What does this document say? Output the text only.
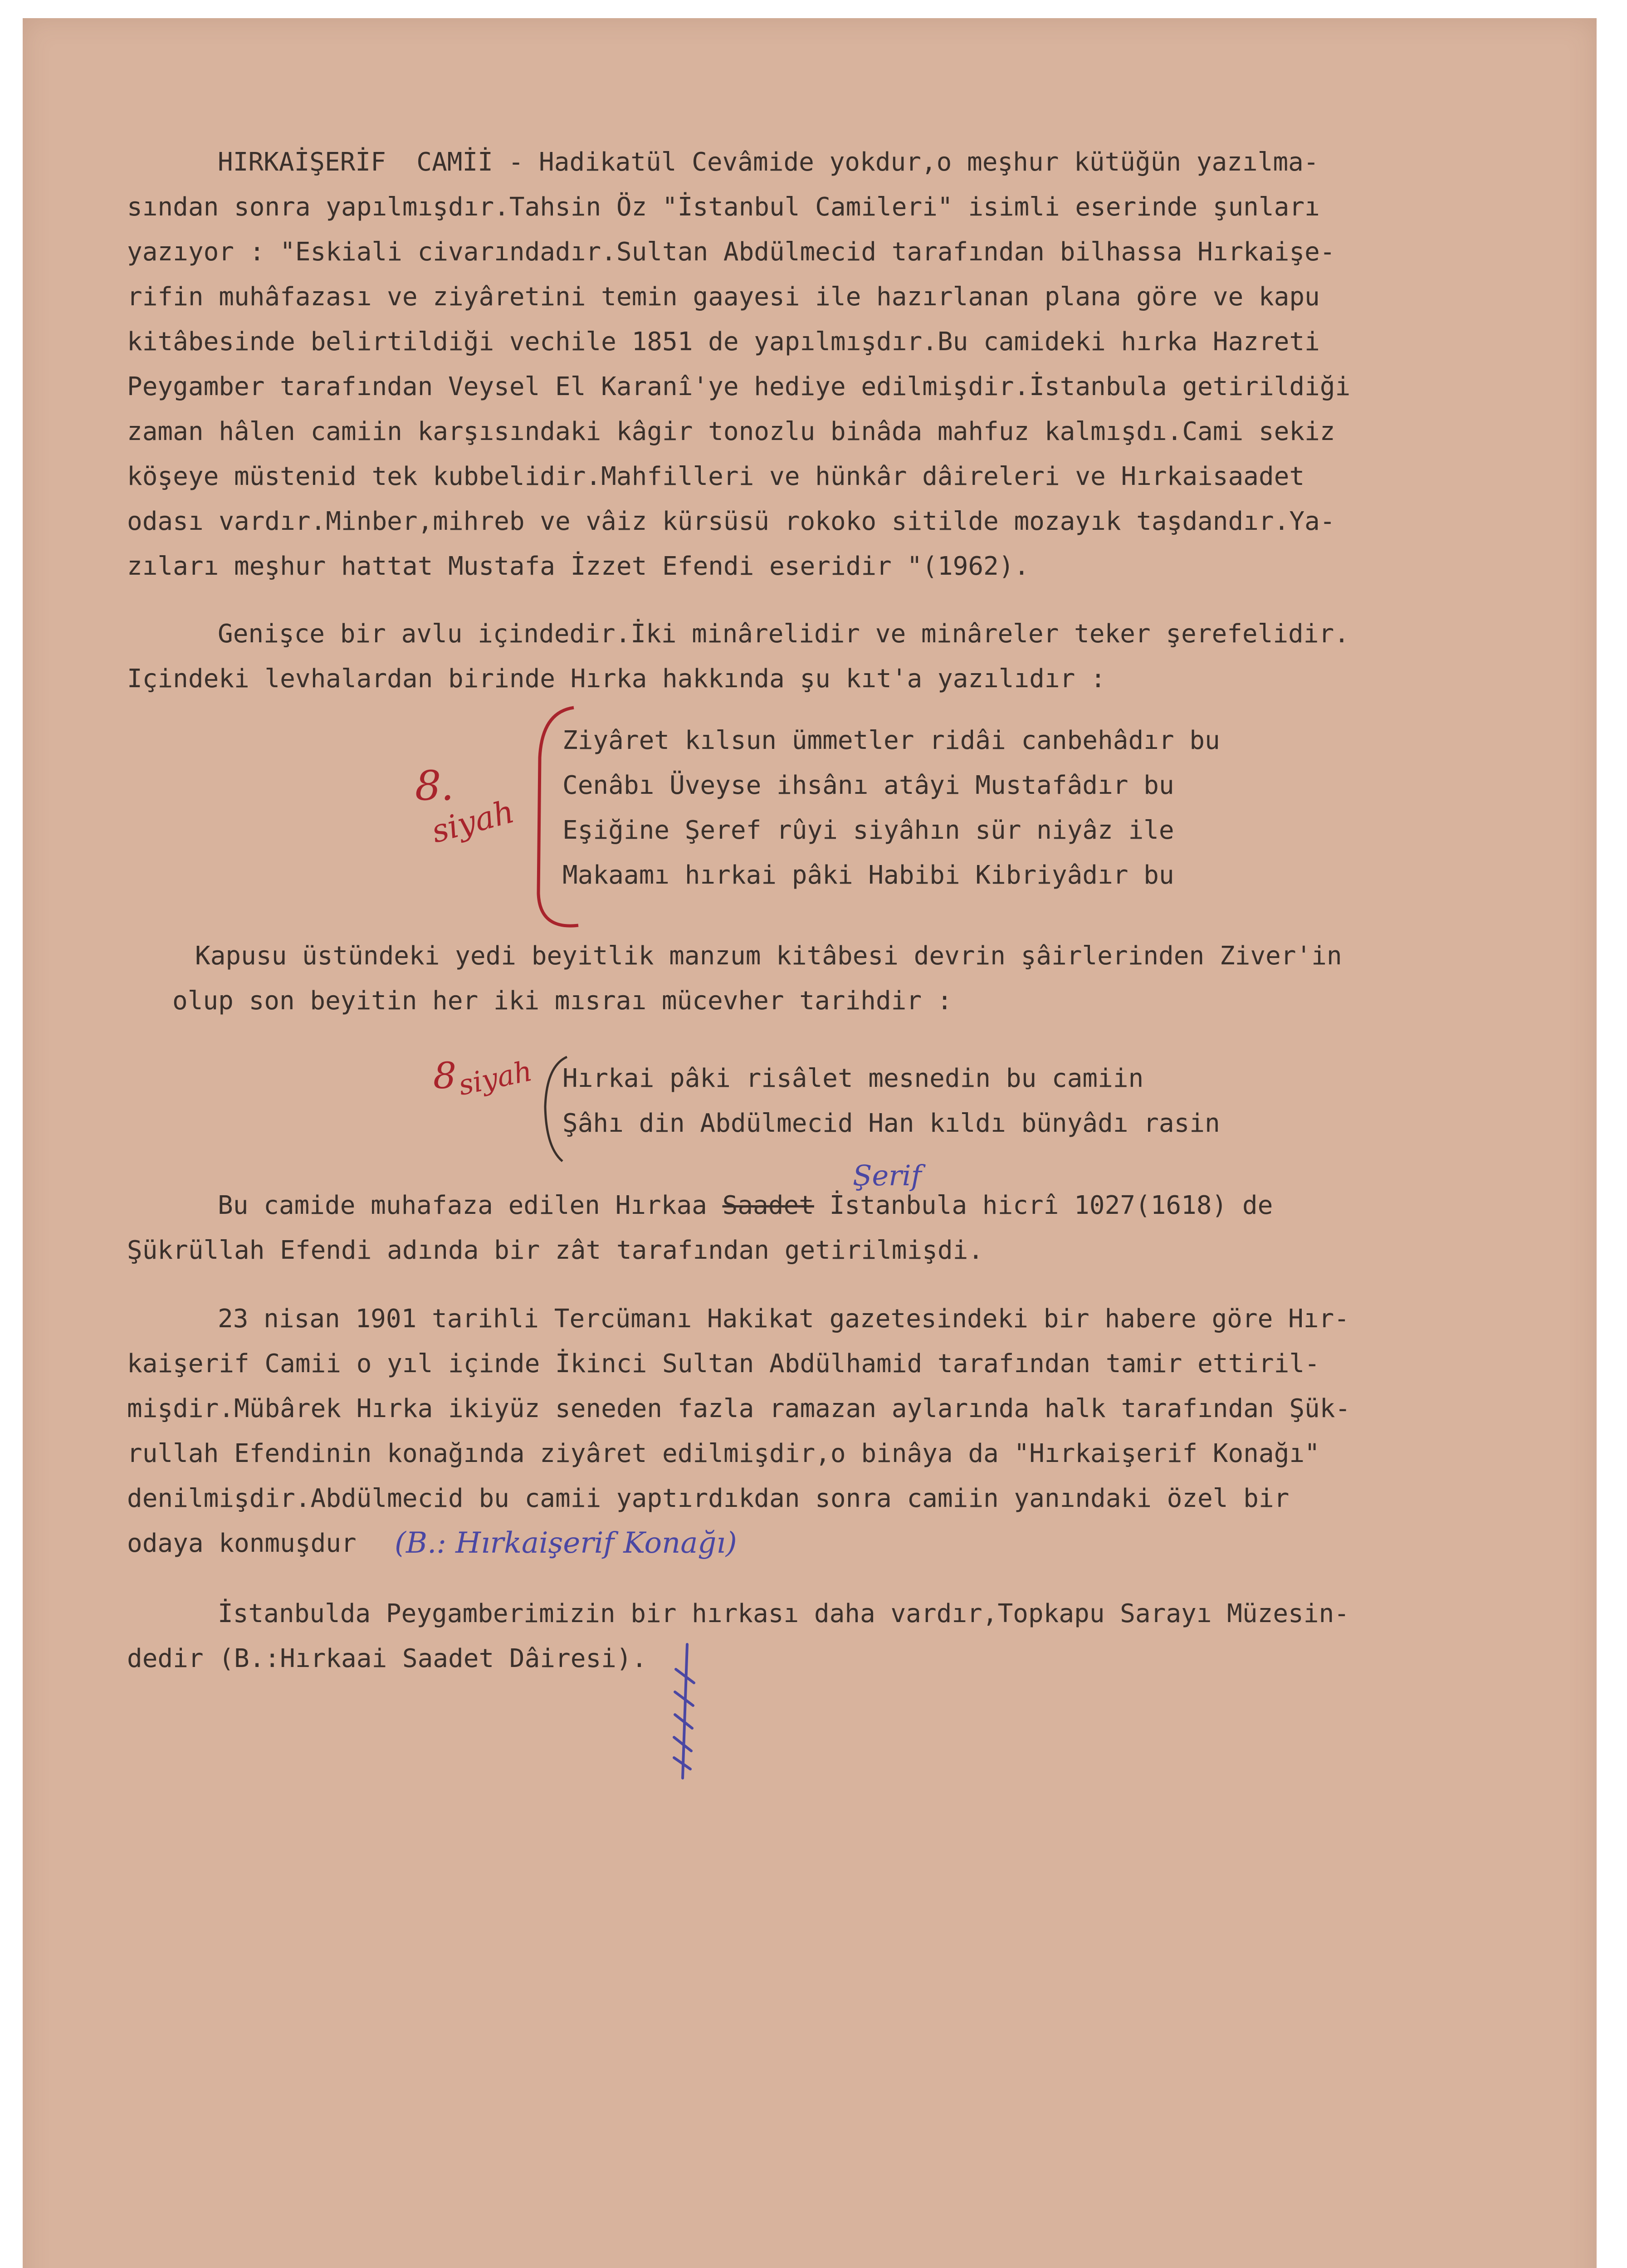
HIRKAİŞERİF  CAMİİ - Hadikatül Cevâmide yokdur,o meşhur kütüğün yazılma-
sından sonra yapılmışdır.Tahsin Öz "İstanbul Camileri" isimli eserinde şunları
yazıyor : "Eskiali civarındadır.Sultan Abdülmecid tarafından bilhassa Hırkaişe-
rifin muhâfazası ve ziyâretini temin gaayesi ile hazırlanan plana göre ve kapu
kitâbesinde belirtildiği vechile 1851 de yapılmışdır.Bu camideki hırka Hazreti
Peygamber tarafından Veysel El Karanî'ye hediye edilmişdir.İstanbula getirildiği
zaman hâlen camiin karşısındaki kâgir tonozlu binâda mahfuz kalmışdı.Cami sekiz
köşeye müstenid tek kubbelidir.Mahfilleri ve hünkâr dâireleri ve Hırkaisaadet
odası vardır.Minber,mihreb ve vâiz kürsüsü rokoko sitilde mozayık taşdandır.Ya-
zıları meşhur hattat Mustafa İzzet Efendi eseridir "(1962).
Genişce bir avlu içindedir.İki minârelidir ve minâreler teker şerefelidir.
Içindeki levhalardan birinde Hırka hakkında şu kıt'a yazılıdır :
Ziyâret kılsun ümmetler ridâi canbehâdır bu
Cenâbı Üveyse ihsânı atâyi Mustafâdır bu
Eşiğine Şeref rûyi siyâhın sür niyâz ile
Makaamı hırkai pâki Habibi Kibriyâdır bu
8.
siyah
Kapusu üstündeki yedi beyitlik manzum kitâbesi devrin şâirlerinden Ziver'in
olup son beyitin her iki mısraı mücevher tarihdir :
Hırkai pâki risâlet mesnedin bu camiin
Şâhı din Abdülmecid Han kıldı bünyâdı rasin
8
siyah
Bu camide muhafaza edilen Hırkaa Saadet İstanbula hicrî 1027(1618) de
Şerif
Şükrüllah Efendi adında bir zât tarafından getirilmişdi.
23 nisan 1901 tarihli Tercümanı Hakikat gazetesindeki bir habere göre Hır-
kaişerif Camii o yıl içinde İkinci Sultan Abdülhamid tarafından tamir ettiril-
mişdir.Mübârek Hırka ikiyüz seneden fazla ramazan aylarında halk tarafından Şük-
rullah Efendinin konağında ziyâret edilmişdir,o binâya da "Hırkaişerif Konağı"
denilmişdir.Abdülmecid bu camii yaptırdıkdan sonra camiin yanındaki özel bir
odaya konmuşdur (B.: Hırkaişerif Konağı)
İstanbulda Peygamberimizin bir hırkası daha vardır,Topkapu Sarayı Müzesin-
dedir (B.:Hırkaai Saadet Dâiresi).
